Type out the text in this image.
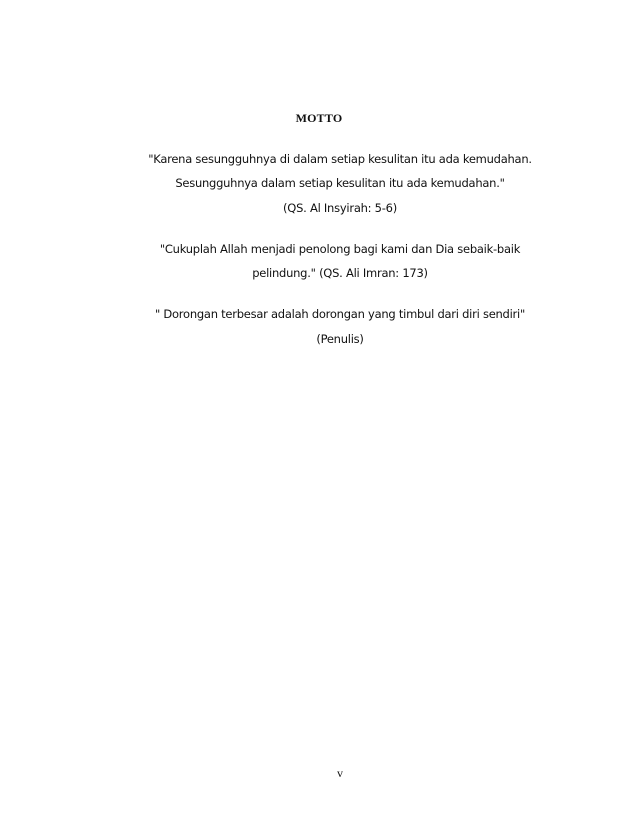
MOTTO
"Karena sesungguhnya di dalam setiap kesulitan itu ada kemudahan.
Sesungguhnya dalam setiap kesulitan itu ada kemudahan."
(QS. Al Insyirah: 5-6)
"Cukuplah Allah menjadi penolong bagi kami dan Dia sebaik-baik
pelindung." (QS. Ali Imran: 173)
" Dorongan terbesar adalah dorongan yang timbul dari diri sendiri"
(Penulis)
v
